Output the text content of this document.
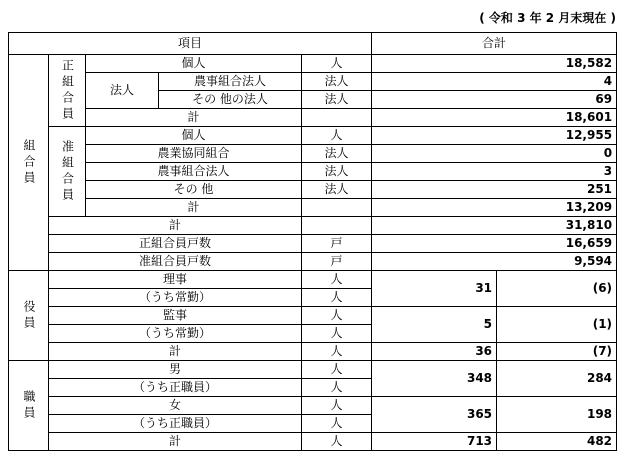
( 令和 3 年 2 月末現在 )
項目					合計	
組合員	正組合員	個人		人	18,582	
		法人	農事組合法人	法人	4	
			その 他の法人	法人	69	
		計			18,601	
	准組合員	個人		人	12,955	
		農業協同組合		法人	0	
		農事組合法人		法人	3	
		その 他		法人	251	
		計			13,209	
	計				31,810	
	正組合員戸数			戸	16,659	
	准組合員戸数			戸	9,594	
役員	理事			人	31	(6)
	（うち常勤）			人		
	監事			人	5	(1)
	（うち常勤）			人		
	計			人	36	(7)
職員	男			人	348	284
	（うち正職員）			人		
	女			人	365	198
	（うち正職員）			人		
	計			人	713	482
